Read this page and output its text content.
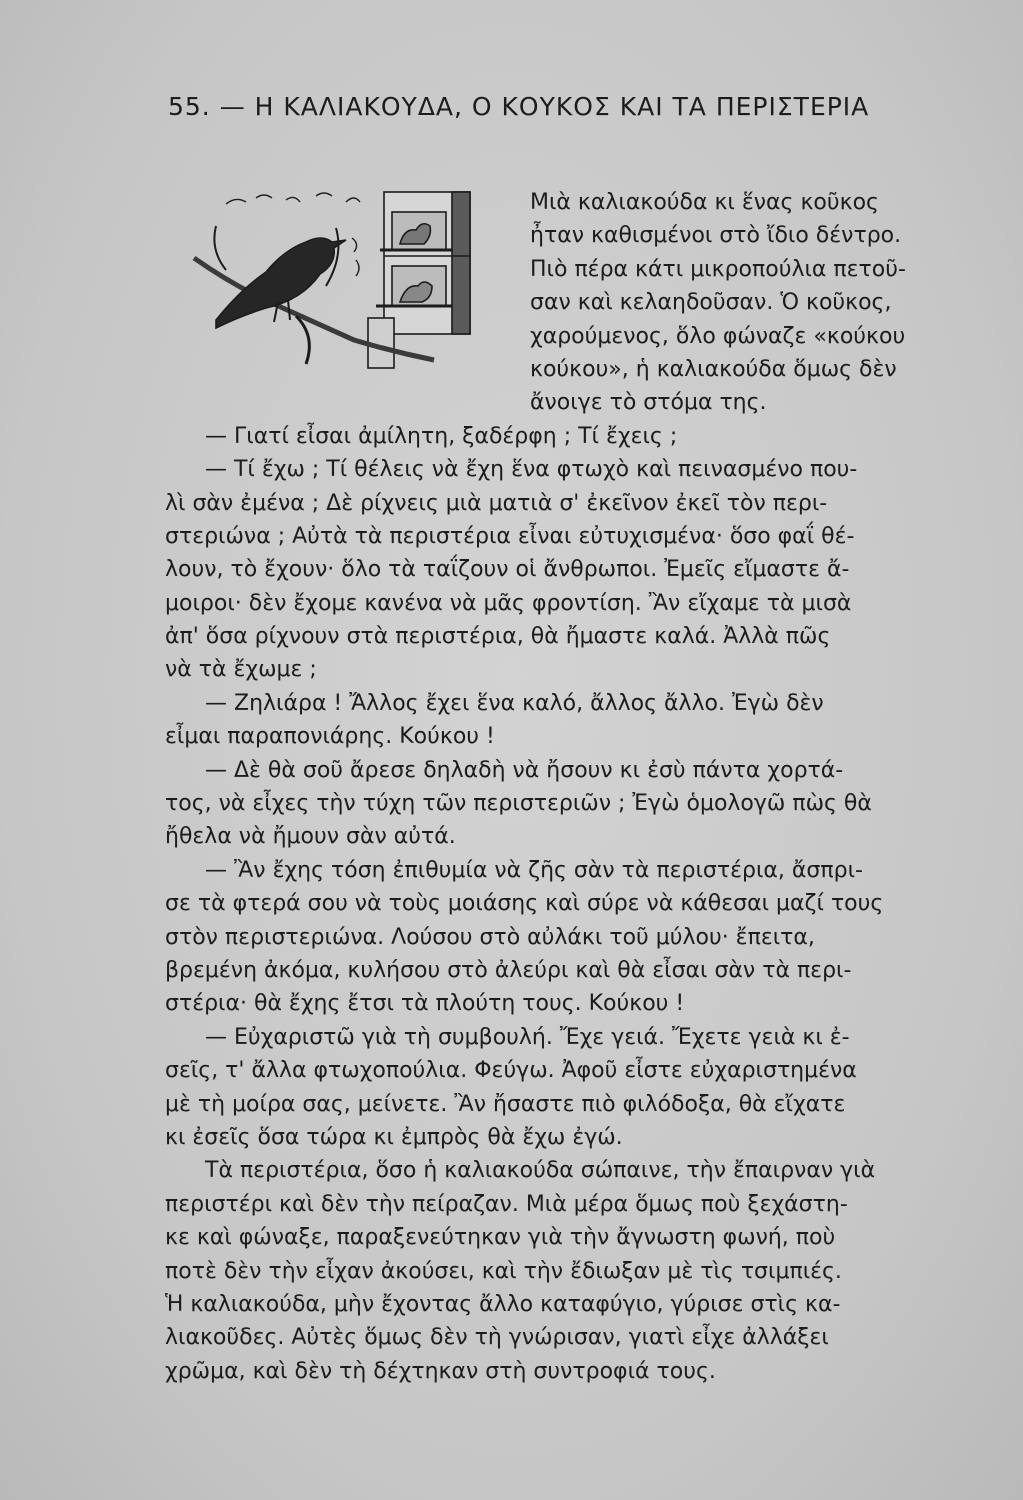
55. — Η ΚΑΛΙΑΚΟΥΔΑ, Ο ΚΟΥΚΟΣ ΚΑΙ ΤΑ ΠΕΡΙΣΤΕΡΙΑ
Μιὰ καλιακούδα κι ἕνας κοῦκος
ἦταν καθισμένοι στὸ ἴδιο δέντρο.
Πιὸ πέρα κάτι μικροπούλια πετοῦ-
σαν καὶ κελαηδοῦσαν. Ὁ κοῦκος,
χαρούμενος, ὅλο φώναζε «κούκου
κούκου», ἡ καλιακούδα ὅμως δὲν
ἄνοιγε τὸ στόμα της.
— Γιατί εἶσαι ἀμίλητη, ξαδέρφη ; Τί ἔχεις ;
— Τί ἔχω ; Τί θέλεις νὰ ἔχη ἕνα φτωχὸ καὶ πεινασμένο που-
λὶ σὰν ἐμένα ; Δὲ ρίχνεις μιὰ ματιὰ σ' ἐκεῖνον ἐκεῖ τὸν περι-
στεριώνα ; Αὐτὰ τὰ περιστέρια εἶναι εὐτυχισμένα· ὅσο φαΐ θέ-
λουν, τὸ ἔχουν· ὅλο τὰ ταΐζουν οἱ ἄνθρωποι. Ἐμεῖς εἴμαστε ἄ-
μοιροι· δὲν ἔχομε κανένα νὰ μᾶς φροντίση. Ἂν εἴχαμε τὰ μισὰ
ἀπ' ὅσα ρίχνουν στὰ περιστέρια, θὰ ἤμαστε καλά. Ἀλλὰ πῶς
νὰ τὰ ἔχωμε ;
— Ζηλιάρα ! Ἄλλος ἔχει ἕνα καλό, ἄλλος ἄλλο. Ἐγὼ δὲν
εἶμαι παραπονιάρης. Κούκου !
— Δὲ θὰ σοῦ ἄρεσε δηλαδὴ νὰ ἤσουν κι ἐσὺ πάντα χορτά-
τος, νὰ εἶχες τὴν τύχη τῶν περιστεριῶν ; Ἐγὼ ὁμολογῶ πὼς θὰ
ἤθελα νὰ ἤμουν σὰν αὐτά.
— Ἂν ἔχης τόση ἐπιθυμία νὰ ζῆς σὰν τὰ περιστέρια, ἄσπρι-
σε τὰ φτερά σου νὰ τοὺς μοιάσης καὶ σύρε νὰ κάθεσαι μαζί τους
στὸν περιστεριώνα. Λούσου στὸ αὐλάκι τοῦ μύλου· ἔπειτα,
βρεμένη ἀκόμα, κυλήσου στὸ ἀλεύρι καὶ θὰ εἶσαι σὰν τὰ περι-
στέρια· θὰ ἔχης ἔτσι τὰ πλούτη τους. Κούκου !
— Εὐχαριστῶ γιὰ τὴ συμβουλή. Ἔχε γειά. Ἔχετε γειὰ κι ἐ-
σεῖς, τ' ἄλλα φτωχοπούλια. Φεύγω. Ἀφοῦ εἶστε εὐχαριστημένα
μὲ τὴ μοίρα σας, μείνετε. Ἂν ἤσαστε πιὸ φιλόδοξα, θὰ εἴχατε
κι ἐσεῖς ὅσα τώρα κι ἐμπρὸς θὰ ἔχω ἐγώ.
Τὰ περιστέρια, ὅσο ἡ καλιακούδα σώπαινε, τὴν ἔπαιρναν γιὰ
περιστέρι καὶ δὲν τὴν πείραζαν. Μιὰ μέρα ὅμως ποὺ ξεχάστη-
κε καὶ φώναξε, παραξενεύτηκαν γιὰ τὴν ἄγνωστη φωνή, ποὺ
ποτὲ δὲν τὴν εἶχαν ἀκούσει, καὶ τὴν ἔδιωξαν μὲ τὶς τσιμπιές.
Ἡ καλιακούδα, μὴν ἔχοντας ἄλλο καταφύγιο, γύρισε στὶς κα-
λιακοῦδες. Αὐτὲς ὅμως δὲν τὴ γνώρισαν, γιατὶ εἶχε ἀλλάξει
χρῶμα, καὶ δὲν τὴ δέχτηκαν στὴ συντροφιά τους.
